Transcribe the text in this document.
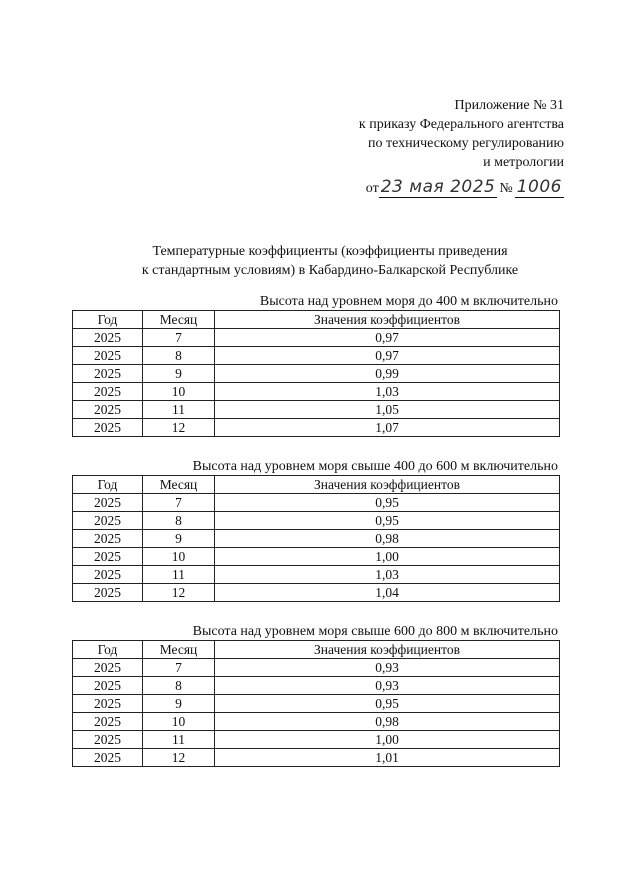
Приложение № 31
к приказу Федерального агентства
по техническому регулированию
и метрологии
от 23 мая 2025 № 1006
Температурные коэффициенты (коэффициенты приведения
к стандартным условиям) в Кабардино-Балкарской Республике
Высота над уровнем моря до 400 м включительно
Год	Месяц	Значения коэффициентов
2025	7	0,97
2025	8	0,97
2025	9	0,99
2025	10	1,03
2025	11	1,05
2025	12	1,07
Высота над уровнем моря свыше 400 до 600 м включительно
Год	Месяц	Значения коэффициентов
2025	7	0,95
2025	8	0,95
2025	9	0,98
2025	10	1,00
2025	11	1,03
2025	12	1,04
Высота над уровнем моря свыше 600 до 800 м включительно
Год	Месяц	Значения коэффициентов
2025	7	0,93
2025	8	0,93
2025	9	0,95
2025	10	0,98
2025	11	1,00
2025	12	1,01
